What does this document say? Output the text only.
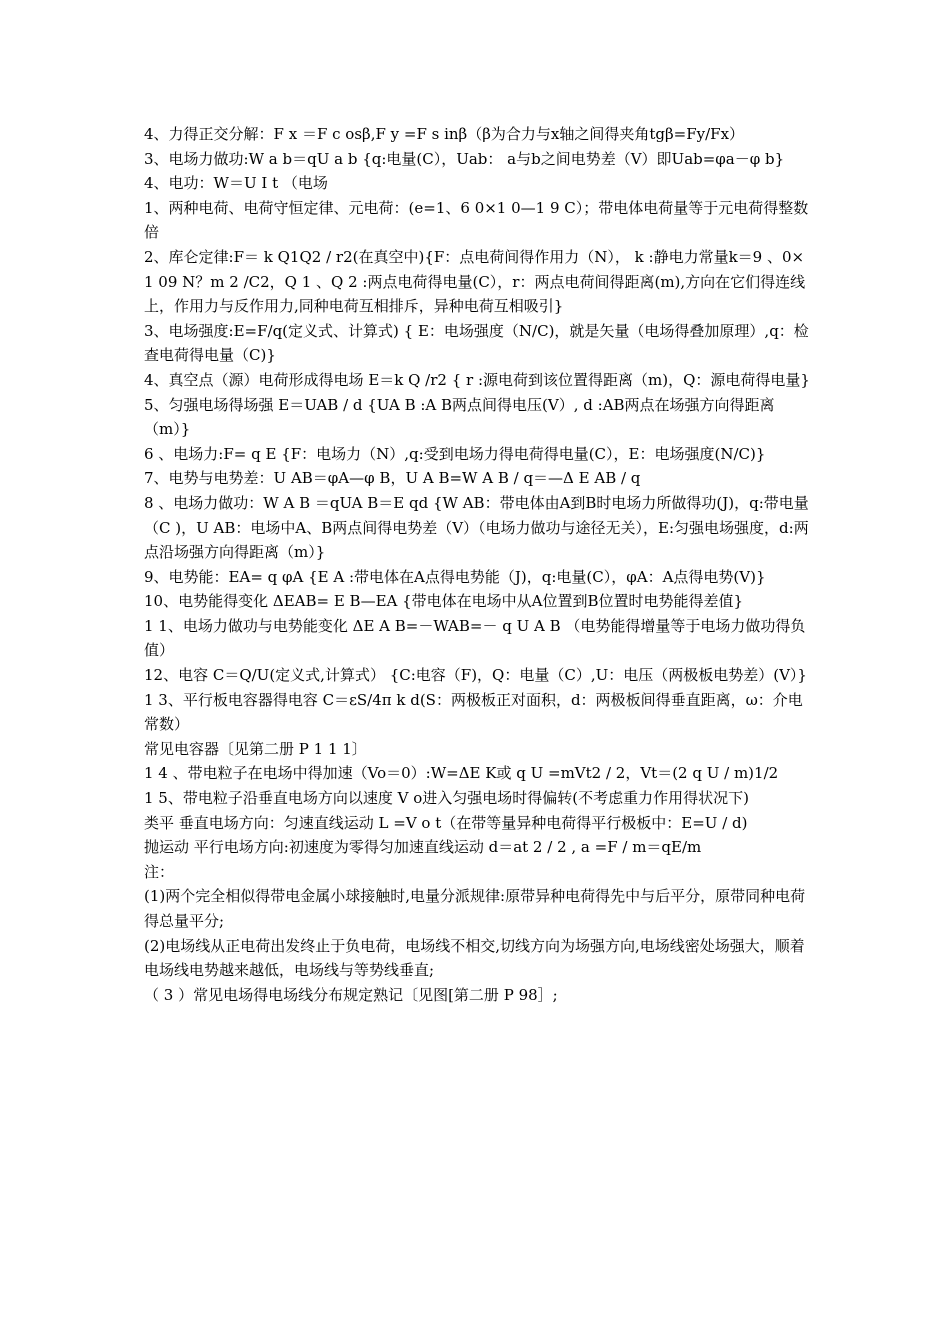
4、力得正交分解：F x ＝F c osβ,F y =F s inβ（β为合力与x轴之间得夹角tgβ=Fy/Fx）

3、电场力做功:W a b＝qU a b {q:电量(C），Uab： a与b之间电势差（V）即Uab=φa－φ b}

4、电功：W＝U I t （电场

1、两种电荷、电荷守恒定律、元电荷：(e=1、6 0×1 0—1 9 C）；带电体电荷量等于元电荷得整数倍

2、库仑定律:F＝ k Q1Q2 / r2(在真空中){F：点电荷间得作用力（N）， k :静电力常量k＝9 、0×1 09 N？m 2 /C2，Q 1 、Q 2 :两点电荷得电量(C），r：两点电荷间得距离(m),方向在它们得连线上，作用力与反作用力,同种电荷互相排斥，异种电荷互相吸引}

3、电场强度:E=F/q(定义式、计算式) { E：电场强度（N/C)，就是矢量（电场得叠加原理）,q：检查电荷得电量（C)}

4、真空点（源）电荷形成得电场 E＝k Q /r2 { r :源电荷到该位置得距离（m)，Q：源电荷得电量}

5、匀强电场得场强 E＝UAB / d {UA B :A B两点间得电压(V）, d :AB两点在场强方向得距离（m）}

6 、电场力:F= q E {F：电场力（N）,q:受到电场力得电荷得电量(C），E：电场强度(N/C)}

7、电势与电势差：U AB＝φA—φ B，U A B=W A B / q＝—Δ E AB / q

8 、电场力做功：W A B ＝qUA B＝E qd {W AB：带电体由A到B时电场力所做得功(J)，q:带电量（C )，U AB：电场中A、B两点间得电势差（V）（电场力做功与途径无关），E:匀强电场强度，d:两点沿场强方向得距离（m）}

9、电势能：EA= q φA {E A :带电体在A点得电势能（J)，q:电量(C），φA：A点得电势(V)}

10、电势能得变化 ΔEAB= E B—EA {带电体在电场中从A位置到B位置时电势能得差值}

1 1、电场力做功与电势能变化 ΔE A B=－WAB=－ q U A B （电势能得增量等于电场力做功得负值）

12、电容 C＝Q/U(定义式,计算式） {C:电容（F)，Q：电量（C）,U：电压（两极板电势差）(V）}

1 3、平行板电容器得电容 C＝εS/4π k d(S：两极板正对面积，d：两极板间得垂直距离，ω：介电常数）

常见电容器〔见第二册 P 1 1 1〕

1 4 、带电粒子在电场中得加速（Vo＝0）:W=ΔE K或 q U =mVt2 / 2，Vt＝(2 q U / m)1/2

1 5、带电粒子沿垂直电场方向以速度 V o进入匀强电场时得偏转(不考虑重力作用得状况下)

类平 垂直电场方向：匀速直线运动 L =V o t（在带等量异种电荷得平行极板中：E=U / d)

抛运动 平行电场方向:初速度为零得匀加速直线运动 d＝at 2 / 2 , a =F / m＝qE/m

注：

(1)两个完全相似得带电金属小球接触时,电量分派规律:原带异种电荷得先中与后平分，原带同种电荷得总量平分;

(2)电场线从正电荷出发终止于负电荷，电场线不相交,切线方向为场强方向,电场线密处场强大，顺着电场线电势越来越低，电场线与等势线垂直;

（ 3 ）常见电场得电场线分布规定熟记〔见图[第二册 P 98］;
